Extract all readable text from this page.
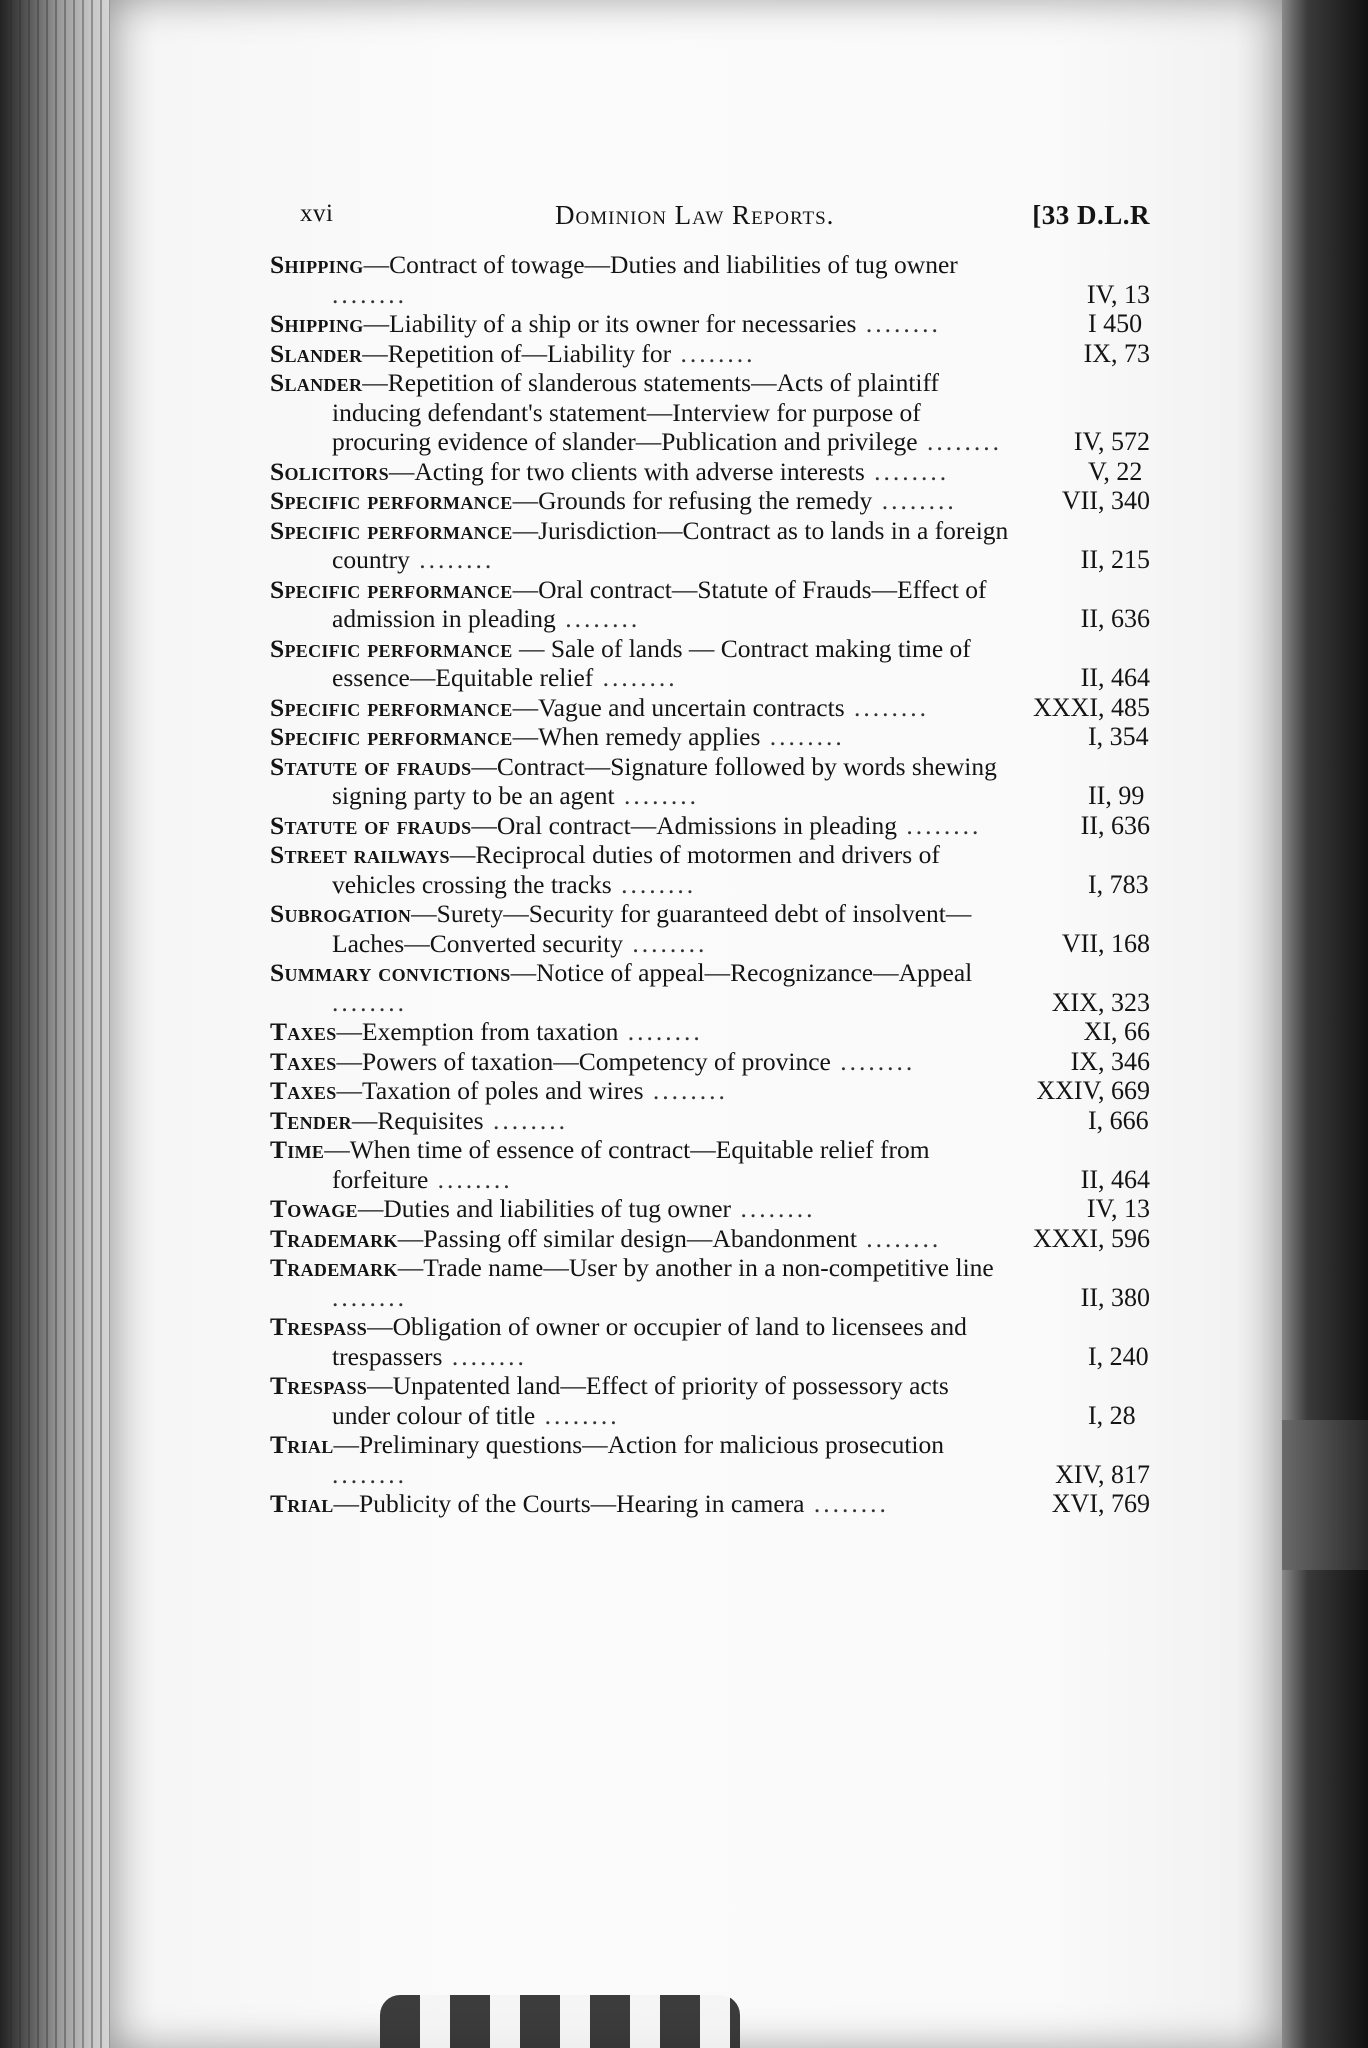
xvi	Dominion Law Reports.	[33 D.L.R
Shipping—Contract of towage—Duties and liabilities of tug owner ........	IV, 13
Shipping—Liability of a ship or its owner for necessaries ........	I 450
Slander—Repetition of—Liability for ........	IX, 73
Slander—Repetition of slanderous statements—Acts of plaintiff inducing defendant's statement—Interview for purpose of procuring evidence of slander—Publication and privilege ........	IV, 572
Solicitors—Acting for two clients with adverse interests ........	V, 22
Specific performance—Grounds for refusing the remedy ........	VII, 340
Specific performance—Jurisdiction—Contract as to lands in a foreign country ........	II, 215
Specific performance—Oral contract—Statute of Frauds—Effect of admission in pleading ........	II, 636
Specific performance — Sale of lands — Contract making time of essence—Equitable relief ........	II, 464
Specific performance—Vague and uncertain contracts ........	XXXI, 485
Specific performance—When remedy applies ........	I, 354
Statute of frauds—Contract—Signature followed by words shewing signing party to be an agent ........	II, 99
Statute of frauds—Oral contract—Admissions in pleading ........	II, 636
Street railways—Reciprocal duties of motormen and drivers of vehicles crossing the tracks ........	I, 783
Subrogation—Surety—Security for guaranteed debt of insolvent—Laches—Converted security ........	VII, 168
Summary convictions—Notice of appeal—Recognizance—Appeal ........	XIX, 323
Taxes—Exemption from taxation ........	XI, 66
Taxes—Powers of taxation—Competency of province ........	IX, 346
Taxes—Taxation of poles and wires ........	XXIV, 669
Tender—Requisites ........	I, 666
Time—When time of essence of contract—Equitable relief from forfeiture ........	II, 464
Towage—Duties and liabilities of tug owner ........	IV, 13
Trademark—Passing off similar design—Abandonment ........	XXXI, 596
Trademark—Trade name—User by another in a non-competitive line ........	II, 380
Trespass—Obligation of owner or occupier of land to licensees and trespassers ........	I, 240
Trespass—Unpatented land—Effect of priority of possessory acts under colour of title ........	I, 28
Trial—Preliminary questions—Action for malicious prosecution ........	XIV, 817
Trial—Publicity of the Courts—Hearing in camera ........	XVI, 769
